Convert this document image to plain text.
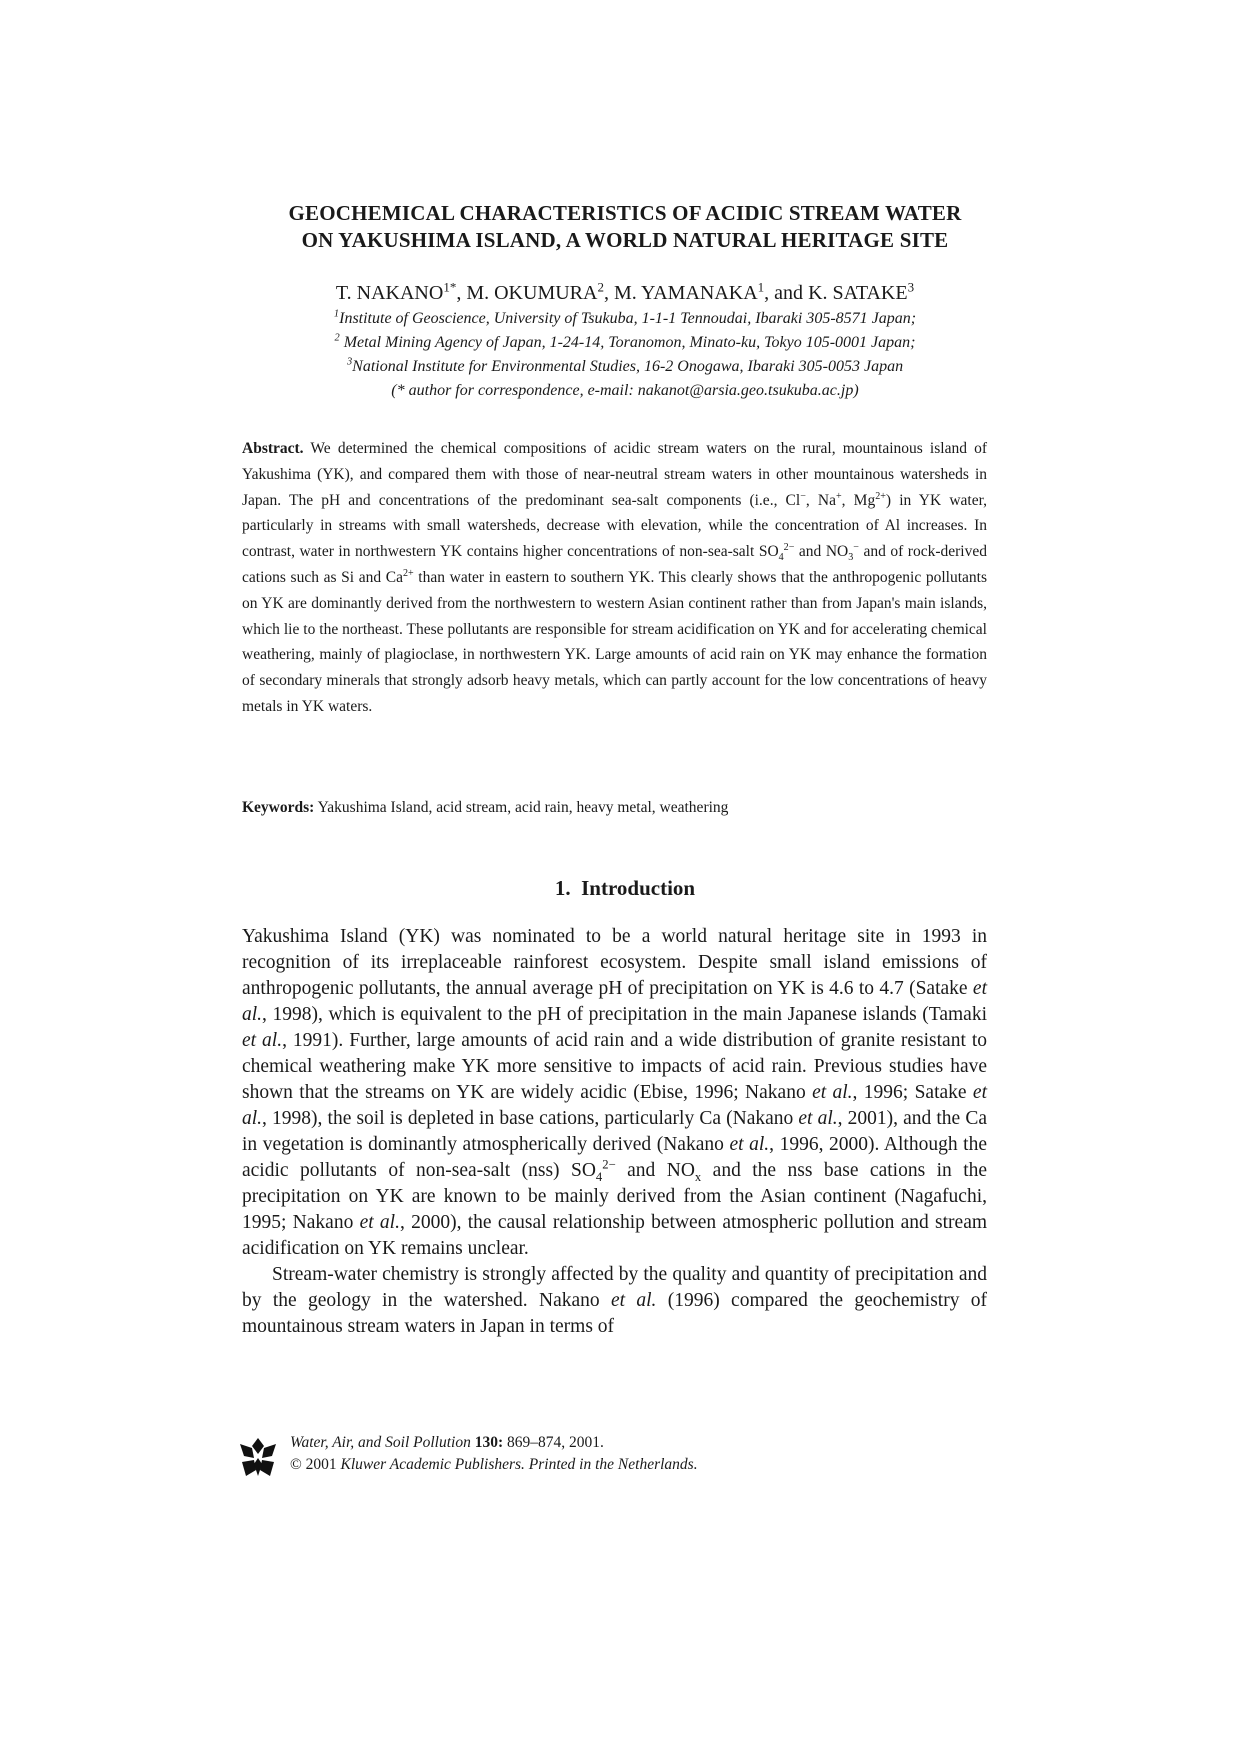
GEOCHEMICAL CHARACTERISTICS OF ACIDIC STREAM WATER
ON YAKUSHIMA ISLAND, A WORLD NATURAL HERITAGE SITE
T. $NAKANO^{1*}$, M. OKUMURA$^2$, M. YAMANAKA$^1$, and K. SATAKE$^3$
$^1$Institute of Geoscience, University of Tsukuba, 1-1-1 Tennoudai, Ibaraki 305-8571 Japan;
$^2$ Metal Mining Agency of Japan, 1-24-14, Toranomon, Minato-ku, Tokyo 105-0001 Japan;
$^3$National Institute for Environmental Studies, 16-2 Onogawa, Ibaraki 305-0053 Japan
(* author for correspondence, e-mail: nakanot@arsia.geo.tsukuba.ac.jp)

Abstract. We determined the chemical compositions of acidic stream waters on the rural, mountainous island of Yakushima (YK), and compared them with those of near-neutral stream waters in other mountainous watersheds in Japan. The pH and concentrations of the predominant sea-salt components (i.e., Cl−, Na+, $Mg^{2+}$) in YK water, particularly in streams with small watersheds, decrease with elevation, while the concentration of Al increases. In contrast, water in northwestern YK contains higher concentrations of non-sea-salt $SO_4^{2-}$ and $NO_3^-$ and of rock-derived cations such as Si and $Ca^{2+}$ than water in eastern to southern YK. This clearly shows that the anthropogenic pollutants on YK are dominantly derived from the northwestern to western Asian continent rather than from Japan's main islands, which lie to the northeast. These pollutants are responsible for stream acidification on YK and for accelerating chemical weathering, mainly of plagioclase, in northwestern YK. Large amounts of acid rain on YK may enhance the formation of secondary minerals that strongly adsorb heavy metals, which can partly account for the low concentrations of heavy metals in YK waters.

Keywords: Yakushima Island, acid stream, acid rain, heavy metal, weathering
1. Introduction

Yakushima Island (YK) was nominated to be a world natural heritage site in 1993 in recognition of its irreplaceable rainforest ecosystem. Despite small island emissions of anthropogenic pollutants, the annual average pH of precipitation on YK is 4.6 to 4.7 (Satake et al., 1998), which is equivalent to the pH of precipitation in the main Japanese islands (Tamaki et al., 1991). Further, large amounts of acid rain and a wide distribution of granite resistant to chemical weathering make YK more sensitive to impacts of acid rain. Previous studies have shown that the streams on YK are widely acidic (Ebise, 1996; Nakano et al., 1996; Satake et al., 1998), the soil is depleted in base cations, particularly Ca (Nakano et al., 2001), and the Ca in vegetation is dominantly atmospherically derived (Nakano et al., 1996, 2000). Although the acidic pollutants of non-sea-salt (nss) $SO_4^{2-}$ and $NO_x$ and the nss base cations in the precipitation on YK are known to be mainly derived from the Asian continent (Nagafuchi, 1995; Nakano et al., 2000), the causal relationship between atmospheric pollution and stream acidification on YK remains unclear.

Stream-water chemistry is strongly affected by the quality and quantity of precipitation and by the geology in the watershed. Nakano et al. (1996) compared the geochemistry of mountainous stream waters in Japan in terms of

Water, Air, and Soil Pollution 130: 869–874, 2001.
© 2001 Kluwer Academic Publishers. Printed in the Netherlands.
